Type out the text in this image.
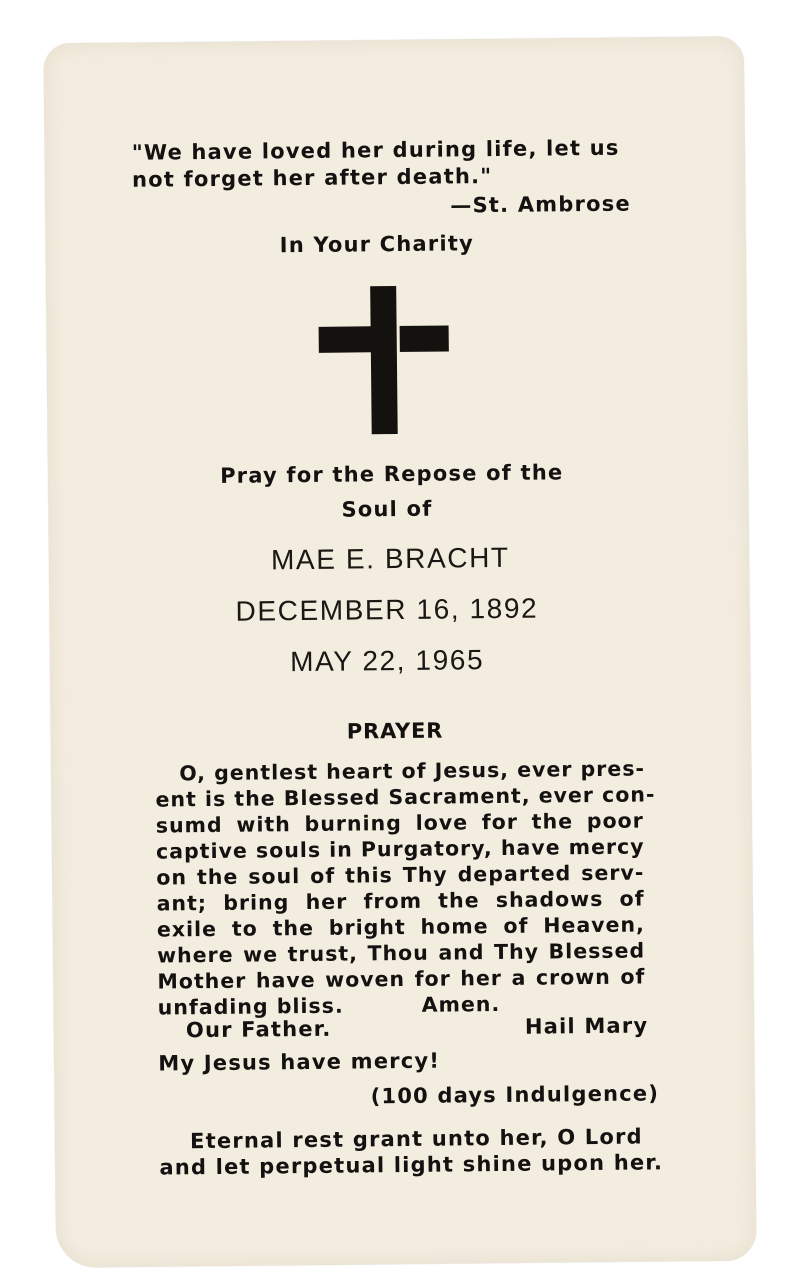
"We have loved her during life, let us
not forget her after death."
—St. Ambrose
In Your Charity
Pray for the Repose of the
Soul of
MAE E. BRACHT
DECEMBER 16, 1892
MAY 22, 1965
PRAYER
O, gentlest heart of Jesus, ever pres-
ent is the Blessed Sacrament, ever con-
sumd with burning love for the poor
captive souls in Purgatory, have mercy
on the soul of this Thy departed serv-
ant; bring her from the shadows of
exile to the bright home of Heaven,
where we trust, Thou and Thy Blessed
Mother have woven for her a crown of
unfading bliss.	Amen.
Our Father.	Hail Mary
My Jesus have mercy!
(100 days Indulgence)
Eternal rest grant unto her, O Lord
and let perpetual light shine upon her.
